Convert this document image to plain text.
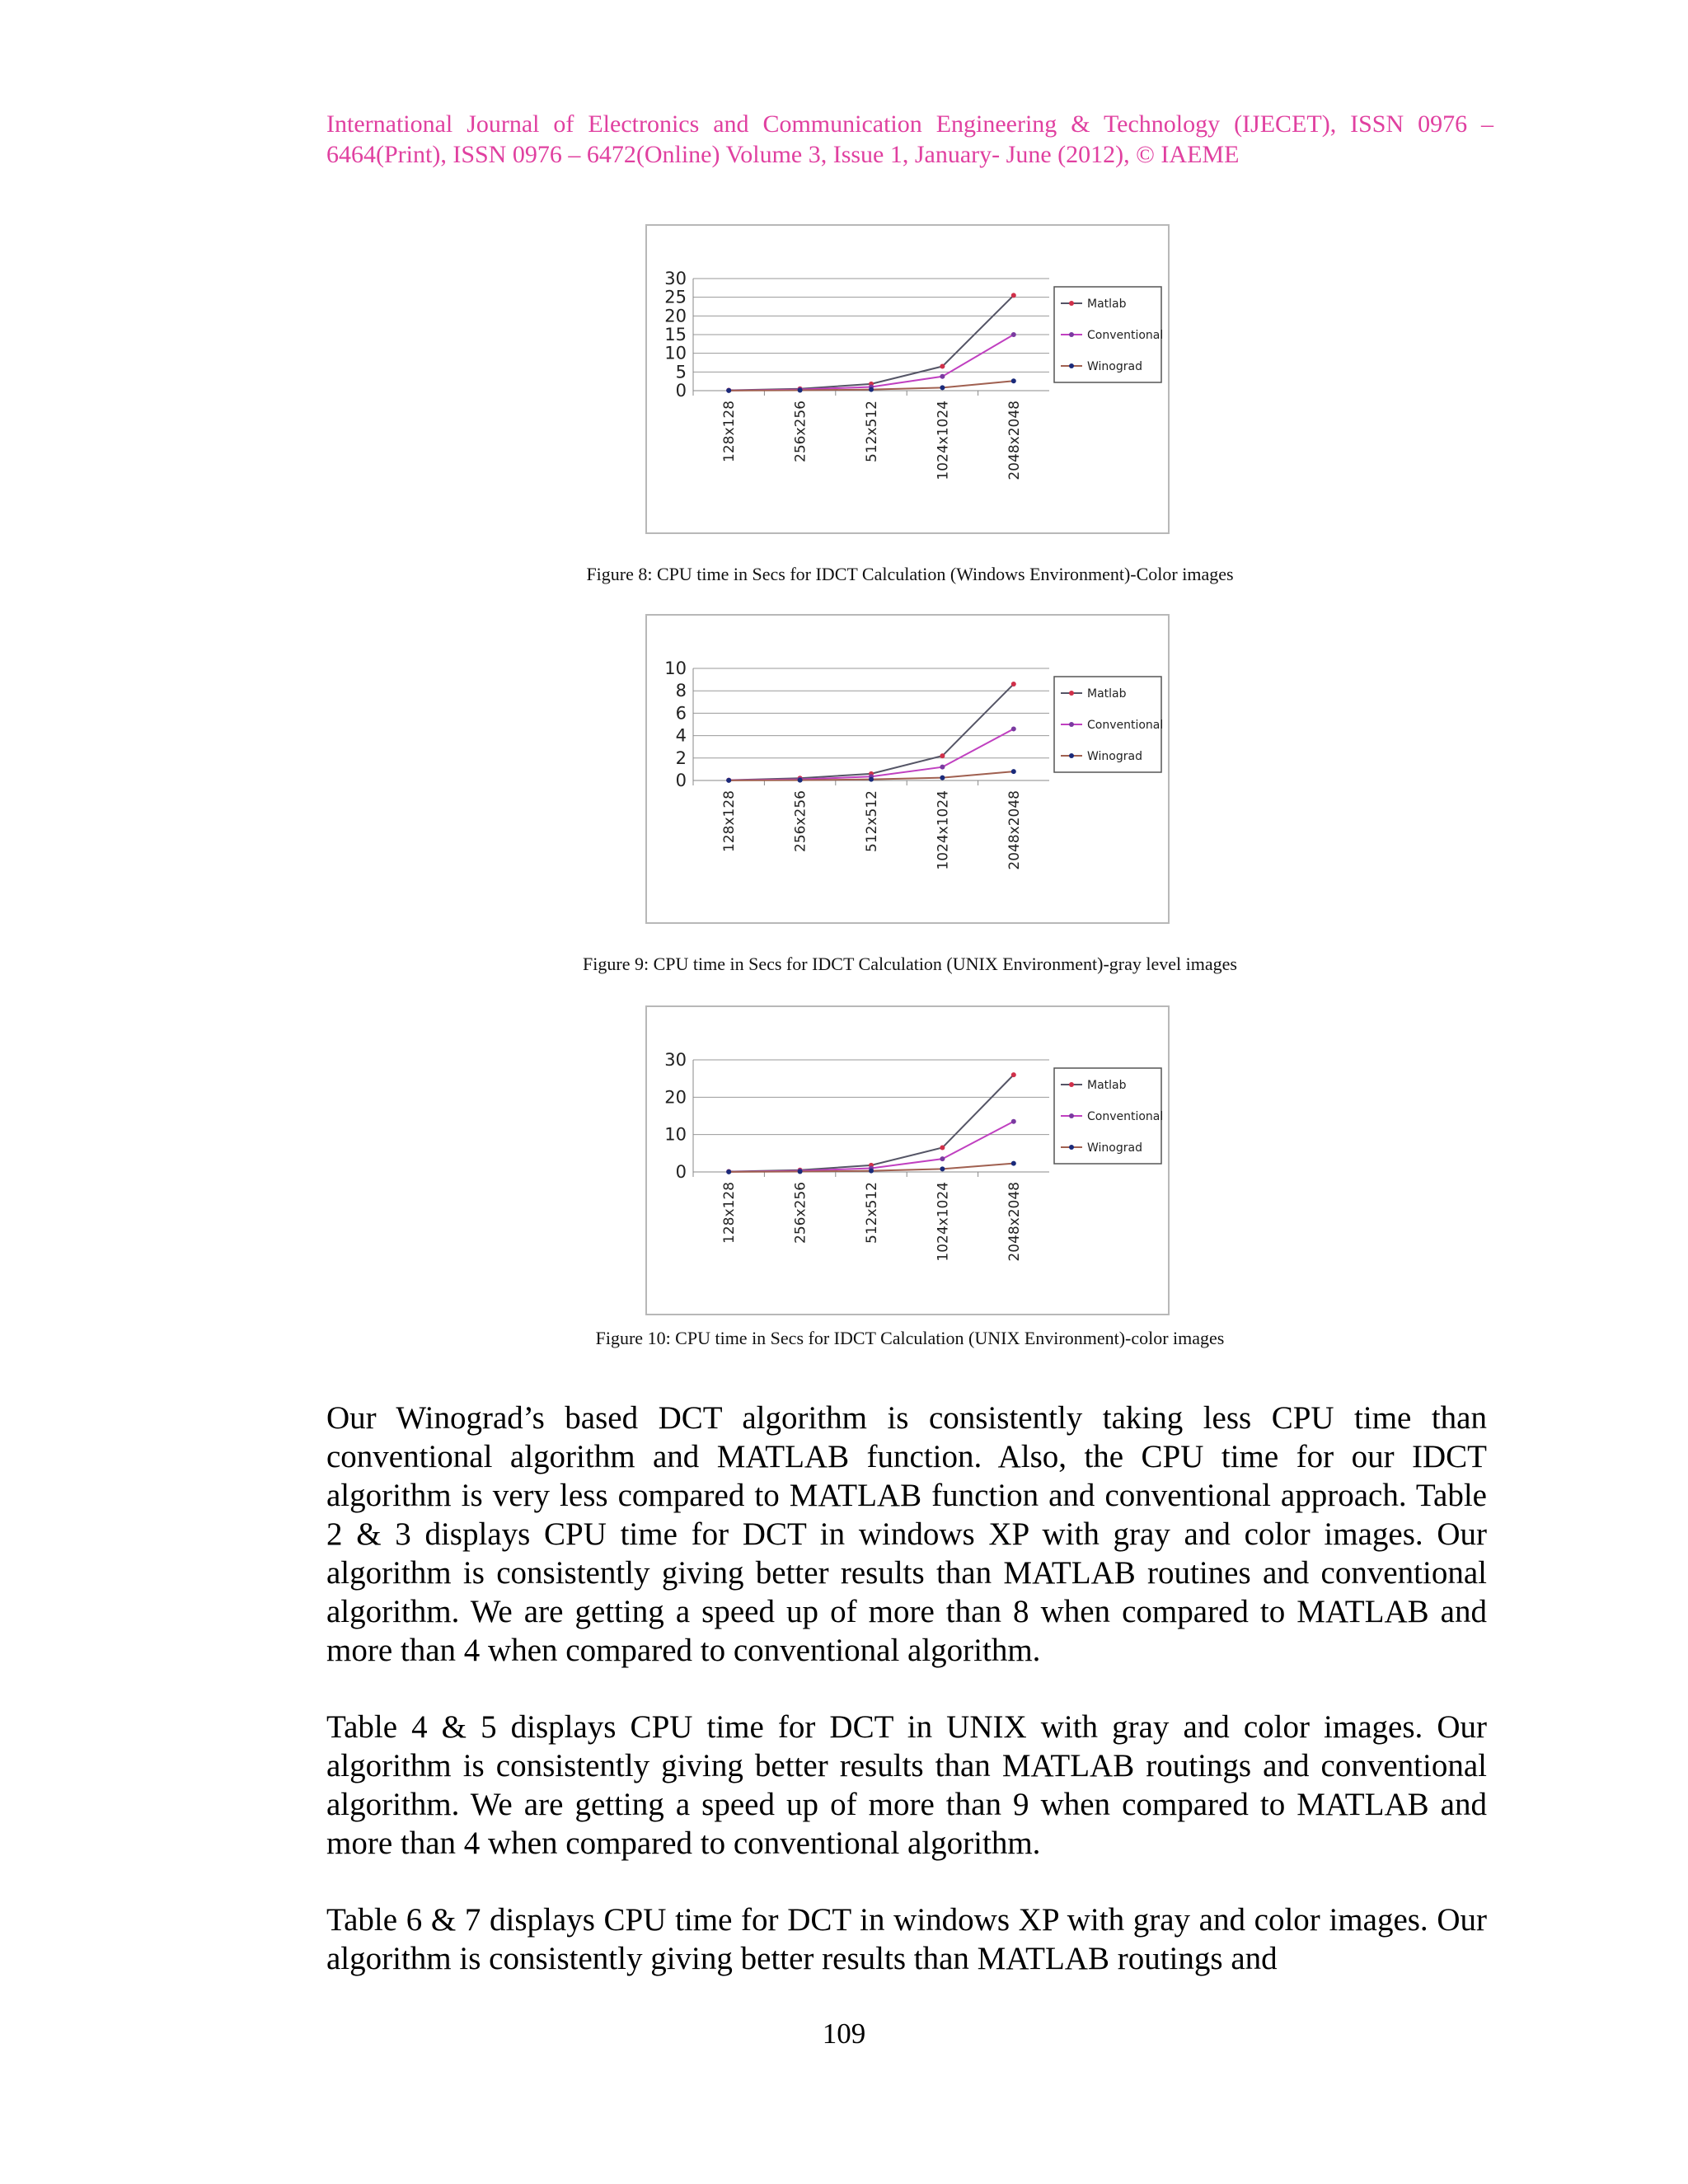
International Journal of Electronics and Communication Engineering & Technology (IJECET), ISSN 0976 – 6464(Print), ISSN 0976 – 6472(Online) Volume 3, Issue 1, January- June (2012), © IAEME
0
5
10
15
20
25
30
128x128	256x256	512x512	1024x1024	2048x2048
Matlab
Conventional
Winograd
Figure 8: CPU time in Secs for IDCT Calculation (Windows Environment)-Color images
0
2
4
6
8
10
128x128	256x256	512x512	1024x1024	2048x2048
Matlab
Conventional
Winograd
Figure 9: CPU time in Secs for IDCT Calculation (UNIX Environment)-gray level images
0
10
20
30
128x128	256x256	512x512	1024x1024	2048x2048
Matlab
Conventional
Winograd
Figure 10: CPU time in Secs for IDCT Calculation (UNIX Environment)-color images

Our Winograd’s based DCT algorithm is consistently taking less CPU time than conventional algorithm and MATLAB function. Also, the CPU time for our IDCT algorithm is very less compared to MATLAB function and conventional approach. Table 2 & 3 displays CPU time for DCT in windows XP with gray and color images. Our algorithm is consistently giving better results than MATLAB routines and conventional algorithm. We are getting a speed up of more than 8 when compared to MATLAB and more than 4 when compared to conventional algorithm.

Table 4 & 5 displays CPU time for DCT in UNIX with gray and color images. Our algorithm is consistently giving better results than MATLAB routings and conventional algorithm. We are getting a speed up of more than 9 when compared to MATLAB and more than 4 when compared to conventional algorithm.

Table 6 & 7 displays CPU time for DCT in windows XP with gray and color images. Our algorithm is consistently giving better results than MATLAB routings and

109
